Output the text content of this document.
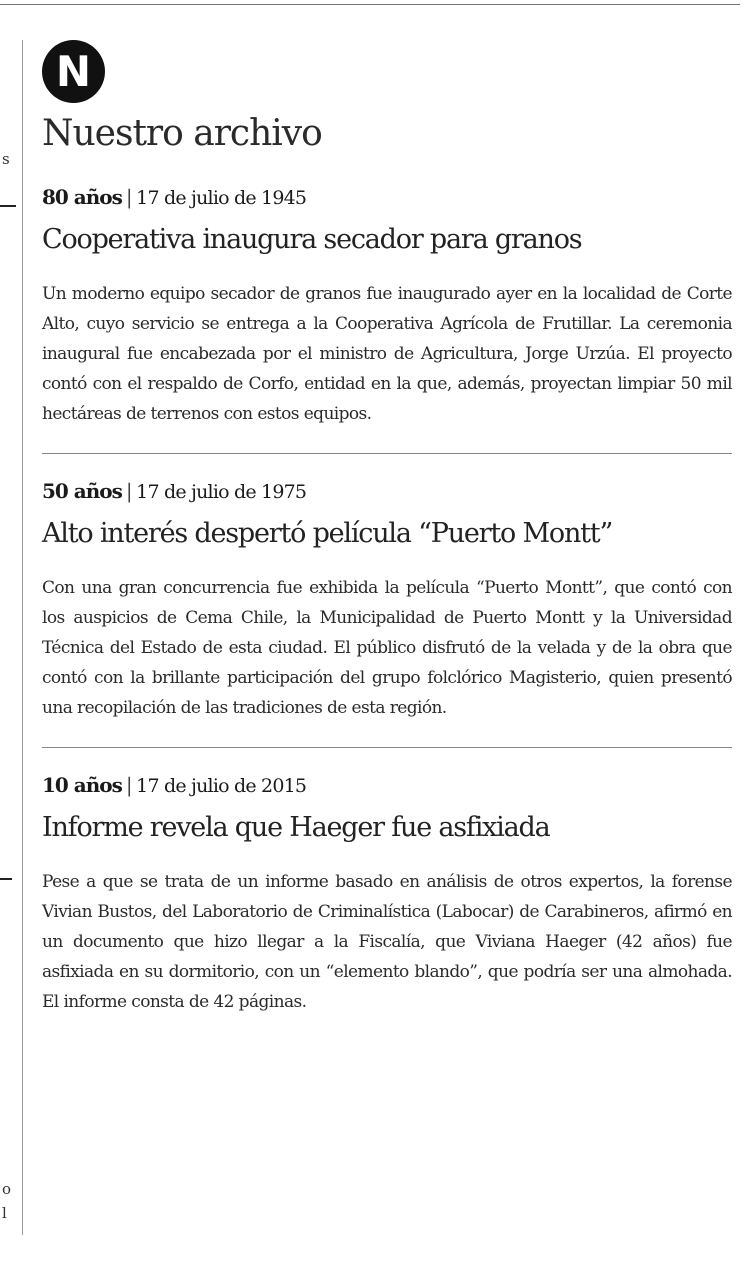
s
o
l
N
Nuestro archivo
80 años | 17 de julio de 1945
Cooperativa inaugura secador para granos

Un moderno equipo secador de granos fue inaugurado ayer en la localidad de Corte Alto, cuyo servicio se entrega a la Cooperativa Agrícola de Frutillar. La ceremonia inaugural fue encabezada por el ministro de Agricultura, Jorge Urzúa. El proyecto contó con el respaldo de Corfo, entidad en la que, además, proyectan limpiar 50 mil hectáreas de terrenos con estos equipos.

50 años | 17 de julio de 1975
Alto interés despertó película “Puerto Montt”

Con una gran concurrencia fue exhibida la película “Puerto Montt”, que contó con los auspicios de Cema Chile, la Municipalidad de Puerto Montt y la Universidad Técnica del Estado de esta ciudad. El público disfrutó de la velada y de la obra que contó con la brillante participación del grupo folclórico Magisterio, quien presentó una recopilación de las tradiciones de esta región.

10 años | 17 de julio de 2015
Informe revela que Haeger fue asfixiada

Pese a que se trata de un informe basado en análisis de otros expertos, la forense Vivian Bustos, del Laboratorio de Criminalística (Labocar) de Carabineros, afirmó en un documento que hizo llegar a la Fiscalía, que Viviana Haeger (42 años) fue asfixiada en su dormitorio, con un “elemento blando”, que podría ser una almohada. El informe consta de 42 páginas.
